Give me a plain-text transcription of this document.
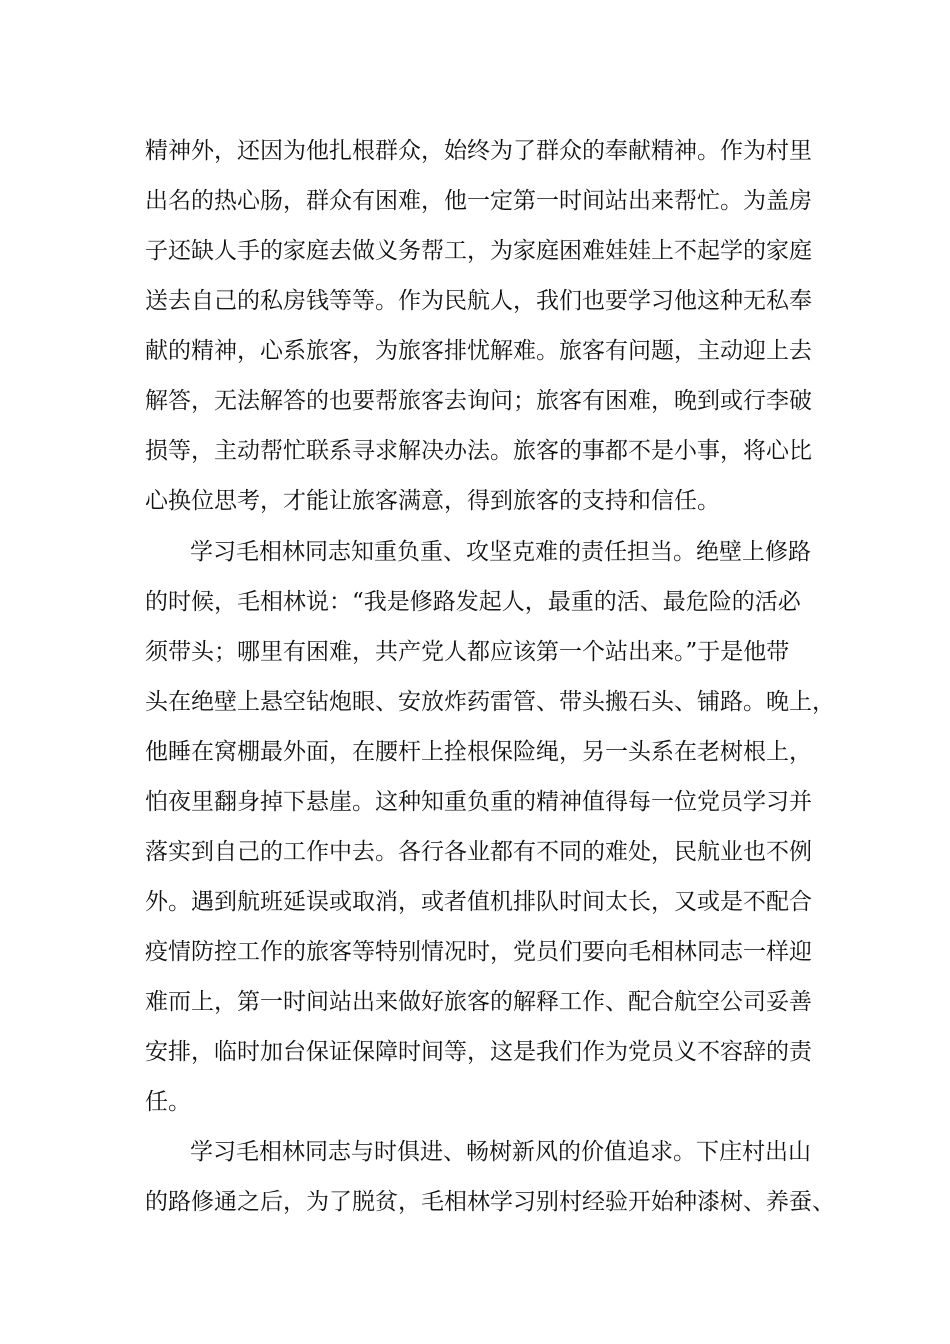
精神外，还因为他扎根群众，始终为了群众的奉献精神。作为村里
出名的热心肠，群众有困难，他一定第一时间站出来帮忙。为盖房
子还缺人手的家庭去做义务帮工，为家庭困难娃娃上不起学的家庭
送去自己的私房钱等等。作为民航人，我们也要学习他这种无私奉
献的精神，心系旅客，为旅客排忧解难。旅客有问题，主动迎上去
解答，无法解答的也要帮旅客去询问；旅客有困难，晚到或行李破
损等，主动帮忙联系寻求解决办法。旅客的事都不是小事，将心比
心换位思考，才能让旅客满意，得到旅客的支持和信任。
学习毛相林同志知重负重、攻坚克难的责任担当。绝壁上修路
的时候，毛相林说：“我是修路发起人，最重的活、最危险的活必
须带头；哪里有困难，共产党人都应该第一个站出来。”于是他带
头在绝壁上悬空钻炮眼、安放炸药雷管、带头搬石头、铺路。晚上，
他睡在窝棚最外面，在腰杆上拴根保险绳，另一头系在老树根上，
怕夜里翻身掉下悬崖。这种知重负重的精神值得每一位党员学习并
落实到自己的工作中去。各行各业都有不同的难处，民航业也不例
外。遇到航班延误或取消，或者值机排队时间太长，又或是不配合
疫情防控工作的旅客等特别情况时，党员们要向毛相林同志一样迎
难而上，第一时间站出来做好旅客的解释工作、配合航空公司妥善
安排，临时加台保证保障时间等，这是我们作为党员义不容辞的责
任。
学习毛相林同志与时俱进、畅树新风的价值追求。下庄村出山
的路修通之后，为了脱贫，毛相林学习别村经验开始种漆树、养蚕、
